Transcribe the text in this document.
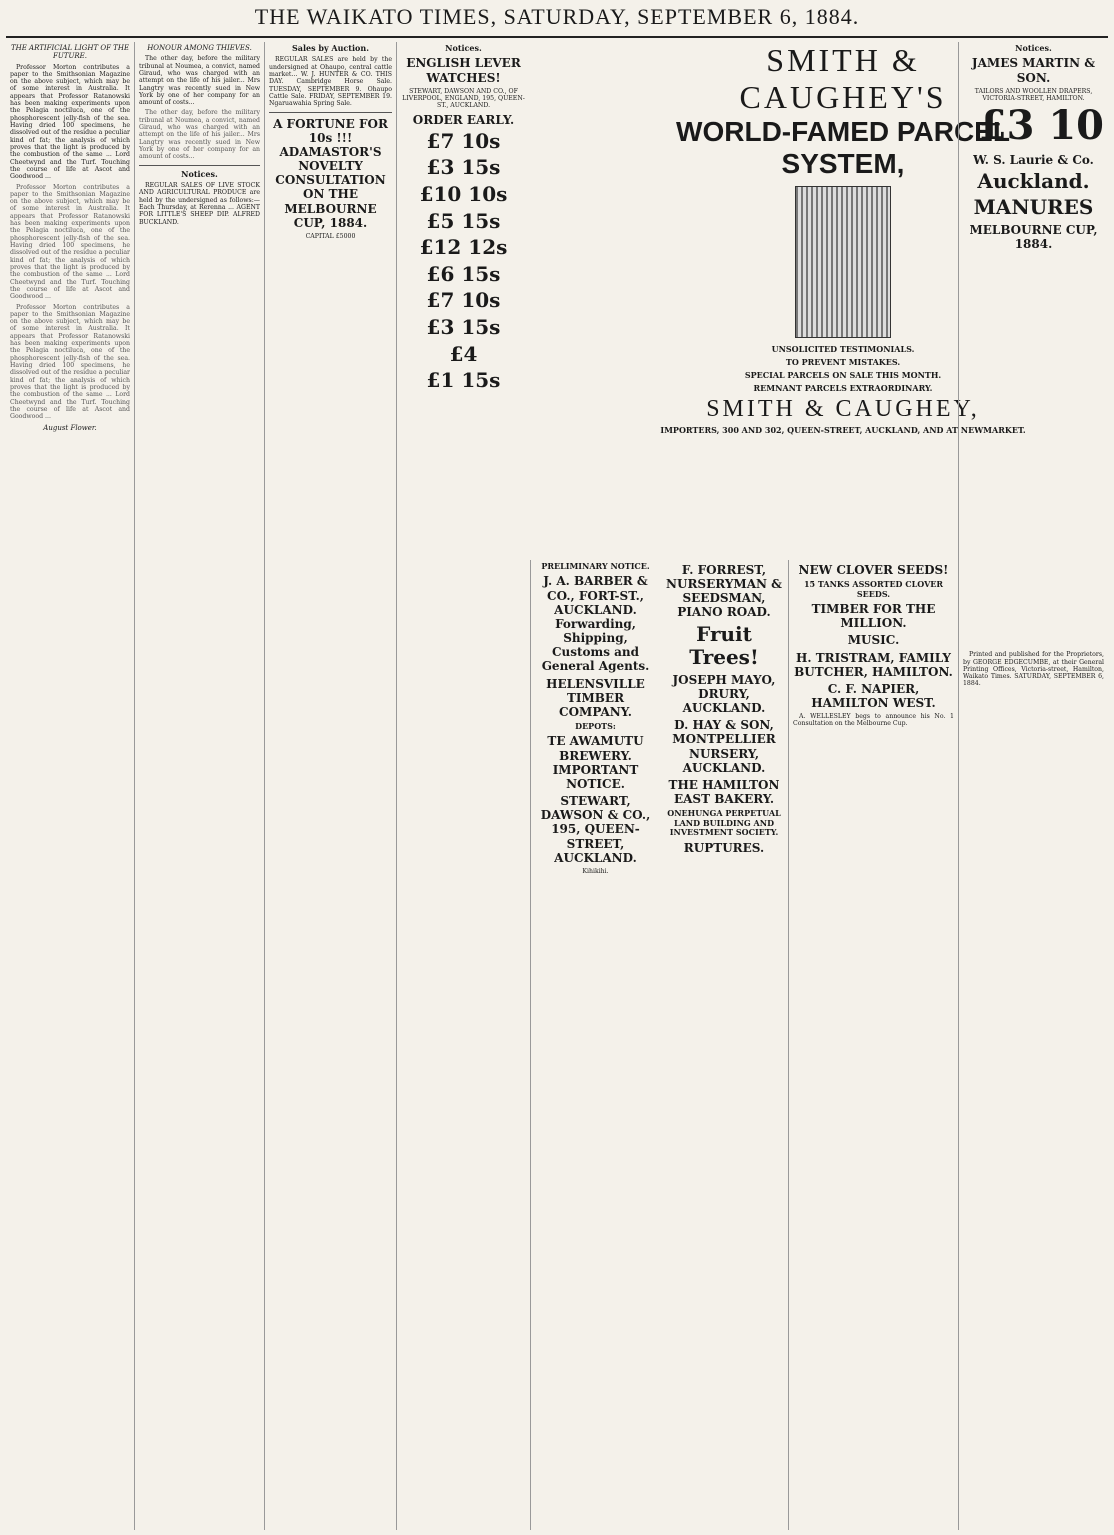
THE WAIKATO TIMES, SATURDAY, SEPTEMBER 6, 1884.
THE ARTIFICIAL LIGHT OF THE FUTURE.

Professor Morton contributes a paper to the Smithsonian Magazine on the above subject, which may be of some interest in Australia. It appears that Professor Ratanowski has been making experiments upon the Pelagia noctiluca, one of the phosphorescent jelly-fish of the sea. Having dried 100 specimens, he dissolved out of the residue a peculiar kind of fat; the analysis of which proves that the light is produced by the combustion of the same ... Lord Cheetwynd and the Turf. Touching the course of life at Ascot and Goodwood ...

Professor Morton contributes a paper to the Smithsonian Magazine on the above subject, which may be of some interest in Australia. It appears that Professor Ratanowski has been making experiments upon the Pelagia noctiluca, one of the phosphorescent jelly-fish of the sea. Having dried 100 specimens, he dissolved out of the residue a peculiar kind of fat; the analysis of which proves that the light is produced by the combustion of the same ... Lord Cheetwynd and the Turf. Touching the course of life at Ascot and Goodwood ...

Professor Morton contributes a paper to the Smithsonian Magazine on the above subject, which may be of some interest in Australia. It appears that Professor Ratanowski has been making experiments upon the Pelagia noctiluca, one of the phosphorescent jelly-fish of the sea. Having dried 100 specimens, he dissolved out of the residue a peculiar kind of fat; the analysis of which proves that the light is produced by the combustion of the same ... Lord Cheetwynd and the Turf. Touching the course of life at Ascot and Goodwood ...

August Flower.
HONOUR AMONG THIEVES.

The other day, before the military tribunal at Noumea, a convict, named Giraud, who was charged with an attempt on the life of his jailer... Mrs Langtry was recently sued in New York by one of her company for an amount of costs...

The other day, before the military tribunal at Noumea, a convict, named Giraud, who was charged with an attempt on the life of his jailer... Mrs Langtry was recently sued in New York by one of her company for an amount of costs...

Notices.

REGULAR SALES OF LIVE STOCK AND AGRICULTURAL PRODUCE are held by the undersigned as follows:— Each Thursday, at Rerenna ... AGENT FOR LITTLE'S SHEEP DIP. ALFRED BUCKLAND.

Sales by Auction.

REGULAR SALES are held by the undersigned at Ohaupo, central cattle market... W. J. HUNTER & CO. THIS DAY. Cambridge Horse Sale. TUESDAY, SEPTEMBER 9. Ohaupo Cattle Sale. FRIDAY, SEPTEMBER 19. Ngaruawahia Spring Sale.

A FORTUNE FOR 10s !!! ADAMASTOR'S NOVELTY CONSULTATION ON THE MELBOURNE CUP, 1884.
CAPITAL £5000
Notices.
ENGLISH LEVER WATCHES!
STEWART, DAWSON AND CO., OF LIVERPOOL, ENGLAND, 195, QUEEN-ST., AUCKLAND.
ORDER EARLY.
£7 10s
£3 15s
£10 10s
£5 15s
£12 12s
£6 15s
£7 10s
£3 15s
£4
£1 15s
PRELIMINARY NOTICE.
J. A. BARBER & CO., FORT-ST., AUCKLAND. Forwarding, Shipping, Customs and General Agents.
HELENSVILLE TIMBER COMPANY.
DEPOTS:
TE AWAMUTU BREWERY. IMPORTANT NOTICE.
STEWART, DAWSON & CO., 195, QUEEN-STREET, AUCKLAND.
Kihikihi.
SMITH & CAUGHEY'S
WORLD-FAMED PARCEL SYSTEM,
UNSOLICITED TESTIMONIALS.
TO PREVENT MISTAKES.
SPECIAL PARCELS ON SALE THIS MONTH.
REMNANT PARCELS EXTRAORDINARY.
SMITH & CAUGHEY,
IMPORTERS, 300 AND 302, QUEEN-STREET, AUCKLAND, AND AT NEWMARKET.
F. FORREST, NURSERYMAN & SEEDSMAN, PIANO ROAD.
Fruit Trees!
JOSEPH MAYO, DRURY, AUCKLAND.
D. HAY & SON, MONTPELLIER NURSERY, AUCKLAND.
THE HAMILTON EAST BAKERY.
ONEHUNGA PERPETUAL LAND BUILDING AND INVESTMENT SOCIETY.
RUPTURES.
NEW CLOVER SEEDS!
15 TANKS ASSORTED CLOVER SEEDS.
TIMBER FOR THE MILLION.
MUSIC.
H. TRISTRAM, FAMILY BUTCHER, HAMILTON.
C. F. NAPIER, HAMILTON WEST.

A. WELLESLEY begs to announce his No. 1 Consultation on the Melbourne Cup.

Notices.
JAMES MARTIN & SON.
TAILORS AND WOOLLEN DRAPERS, VICTORIA-STREET, HAMILTON.
£3 10
W. S. Laurie & Co.
Auckland.
MANURES
MELBOURNE CUP, 1884.

Printed and published for the Proprietors, by GEORGE EDGECUMBE, at their General Printing Offices, Victoria-street, Hamilton, Waikato Times. SATURDAY, SEPTEMBER 6, 1884.
